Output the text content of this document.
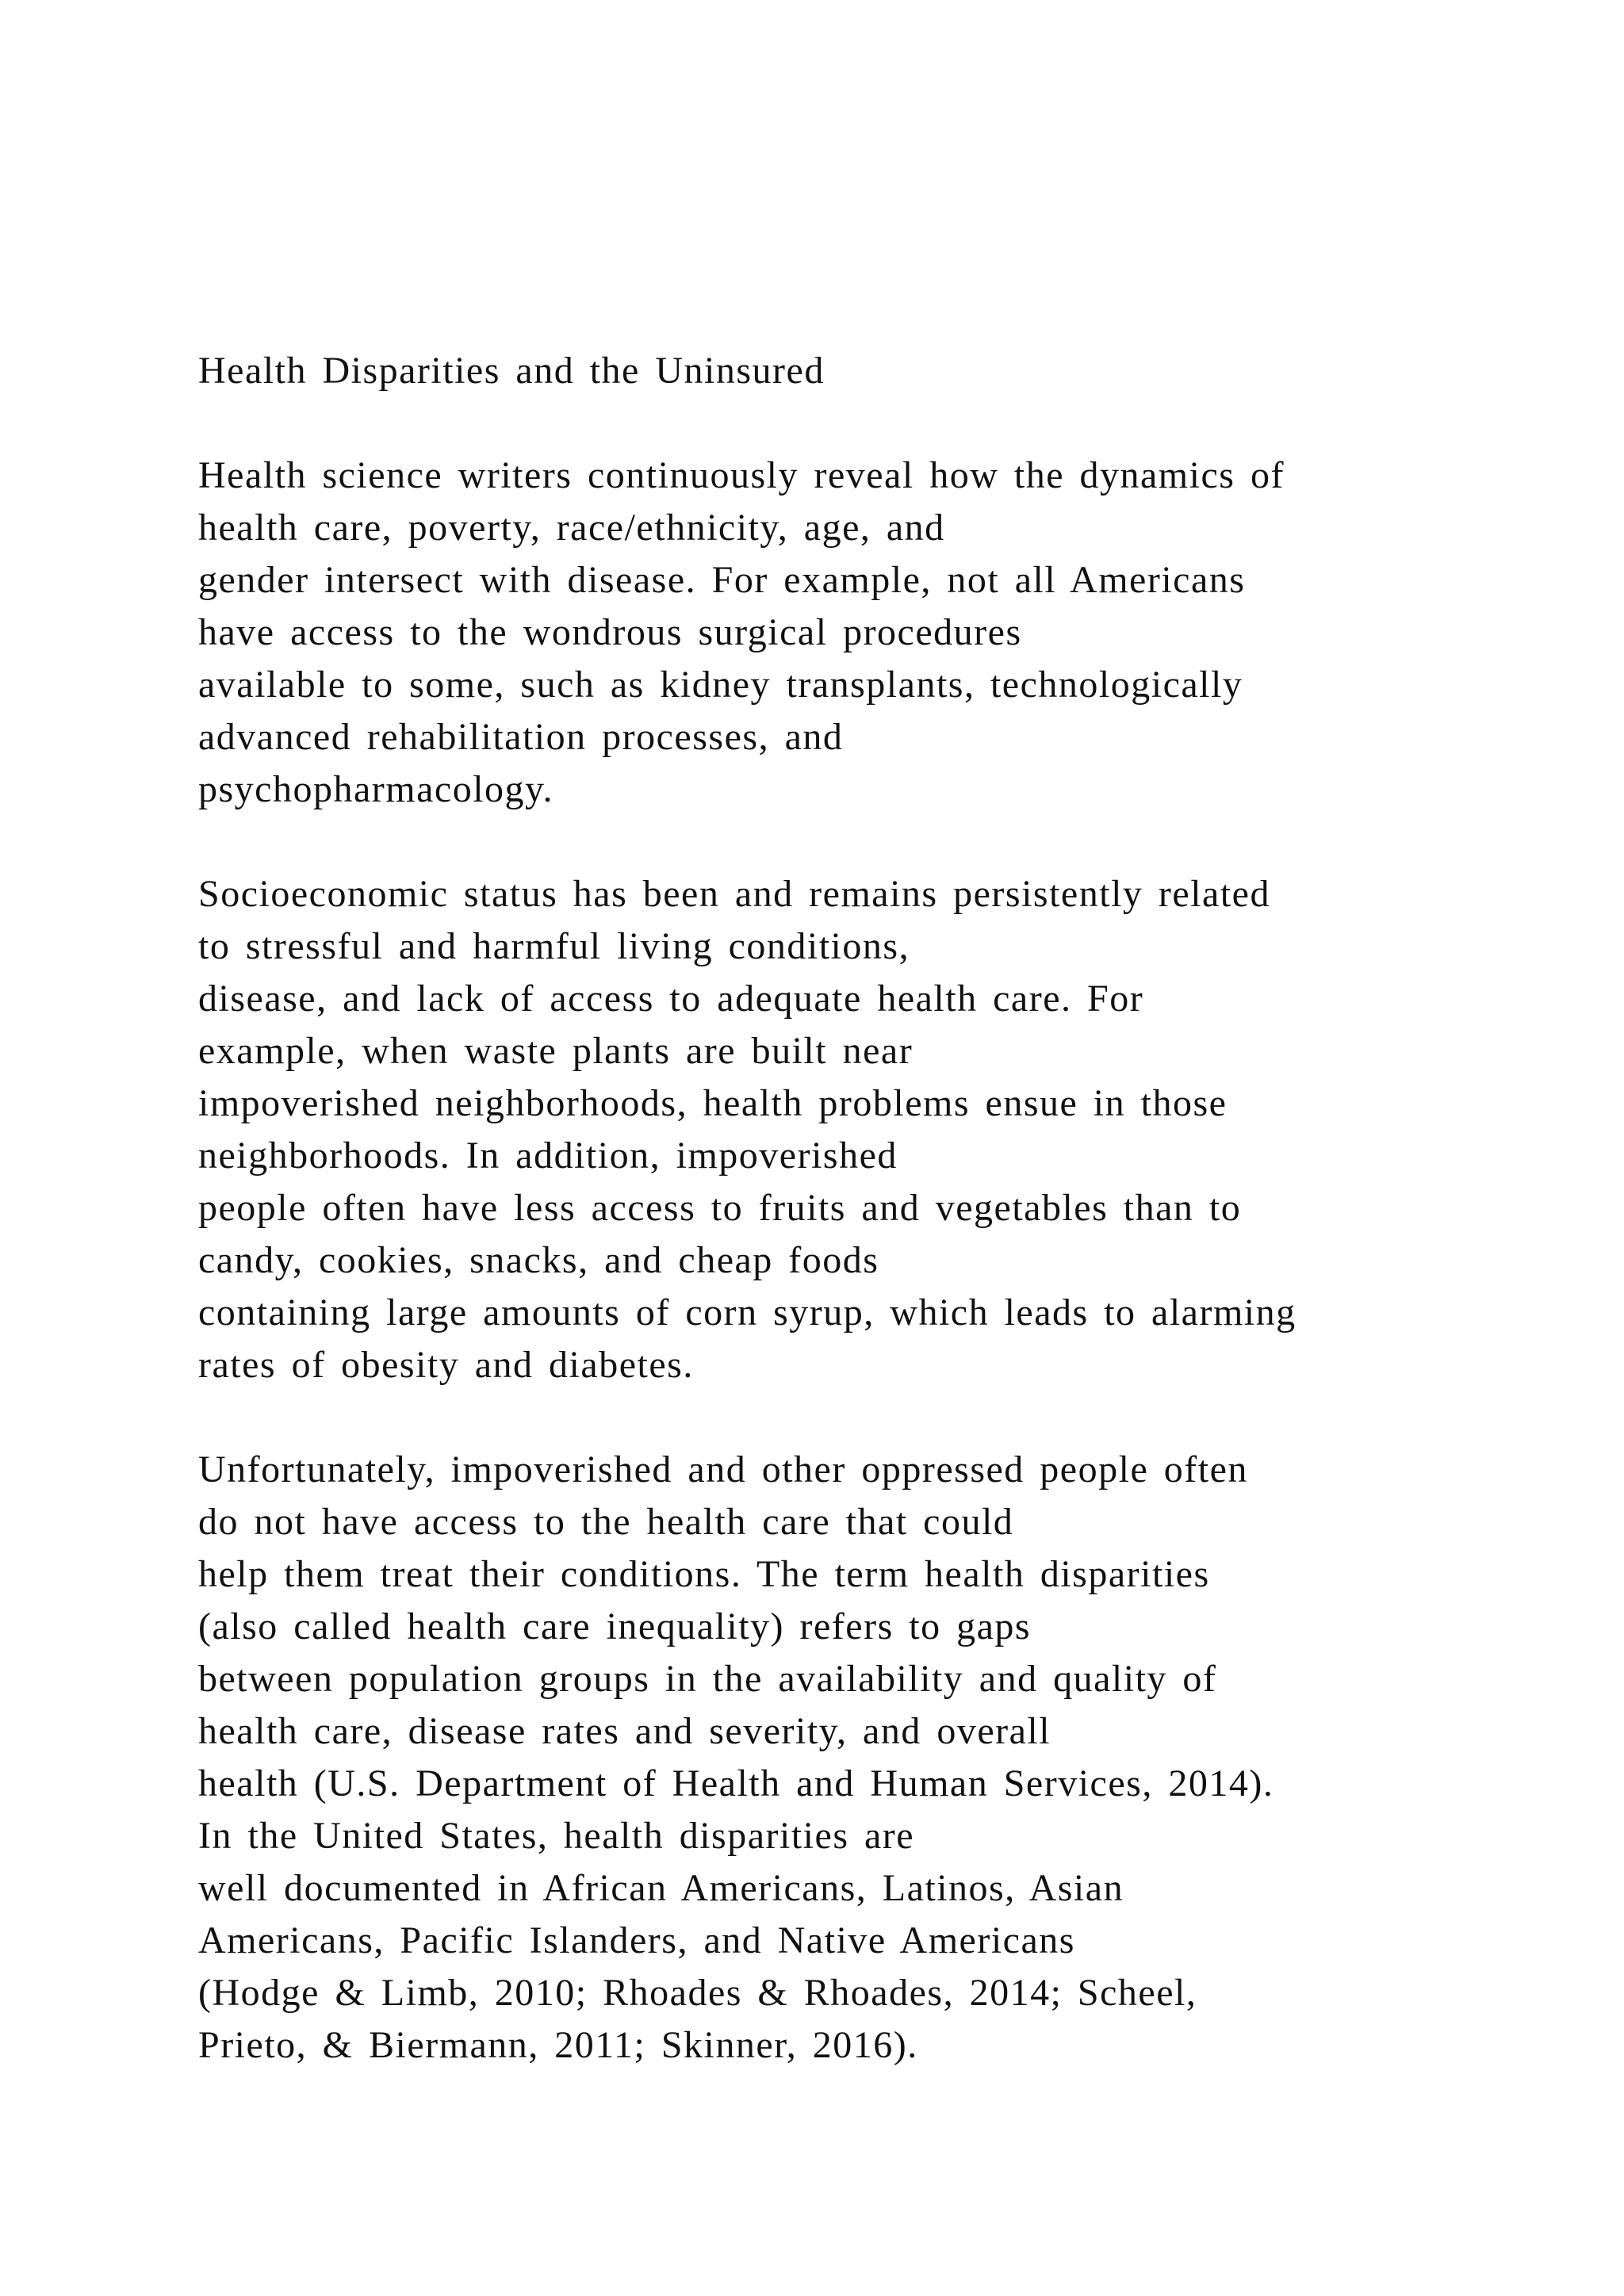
Health Disparities and the Uninsured
Health science writers continuously reveal how the dynamics of
health care, poverty, race/ethnicity, age, and
gender intersect with disease. For example, not all Americans
have access to the wondrous surgical procedures
available to some, such as kidney transplants, technologically
advanced rehabilitation processes, and
psychopharmacology.
Socioeconomic status has been and remains persistently related
to stressful and harmful living conditions,
disease, and lack of access to adequate health care. For
example, when waste plants are built near
impoverished neighborhoods, health problems ensue in those
neighborhoods. In addition, impoverished
people often have less access to fruits and vegetables than to
candy, cookies, snacks, and cheap foods
containing large amounts of corn syrup, which leads to alarming
rates of obesity and diabetes.
Unfortunately, impoverished and other oppressed people often
do not have access to the health care that could
help them treat their conditions. The term health disparities
(also called health care inequality) refers to gaps
between population groups in the availability and quality of
health care, disease rates and severity, and overall
health (U.S. Department of Health and Human Services, 2014).
In the United States, health disparities are
well documented in African Americans, Latinos, Asian
Americans, Pacific Islanders, and Native Americans
(Hodge & Limb, 2010; Rhoades & Rhoades, 2014; Scheel,
Prieto, & Biermann, 2011; Skinner, 2016).
